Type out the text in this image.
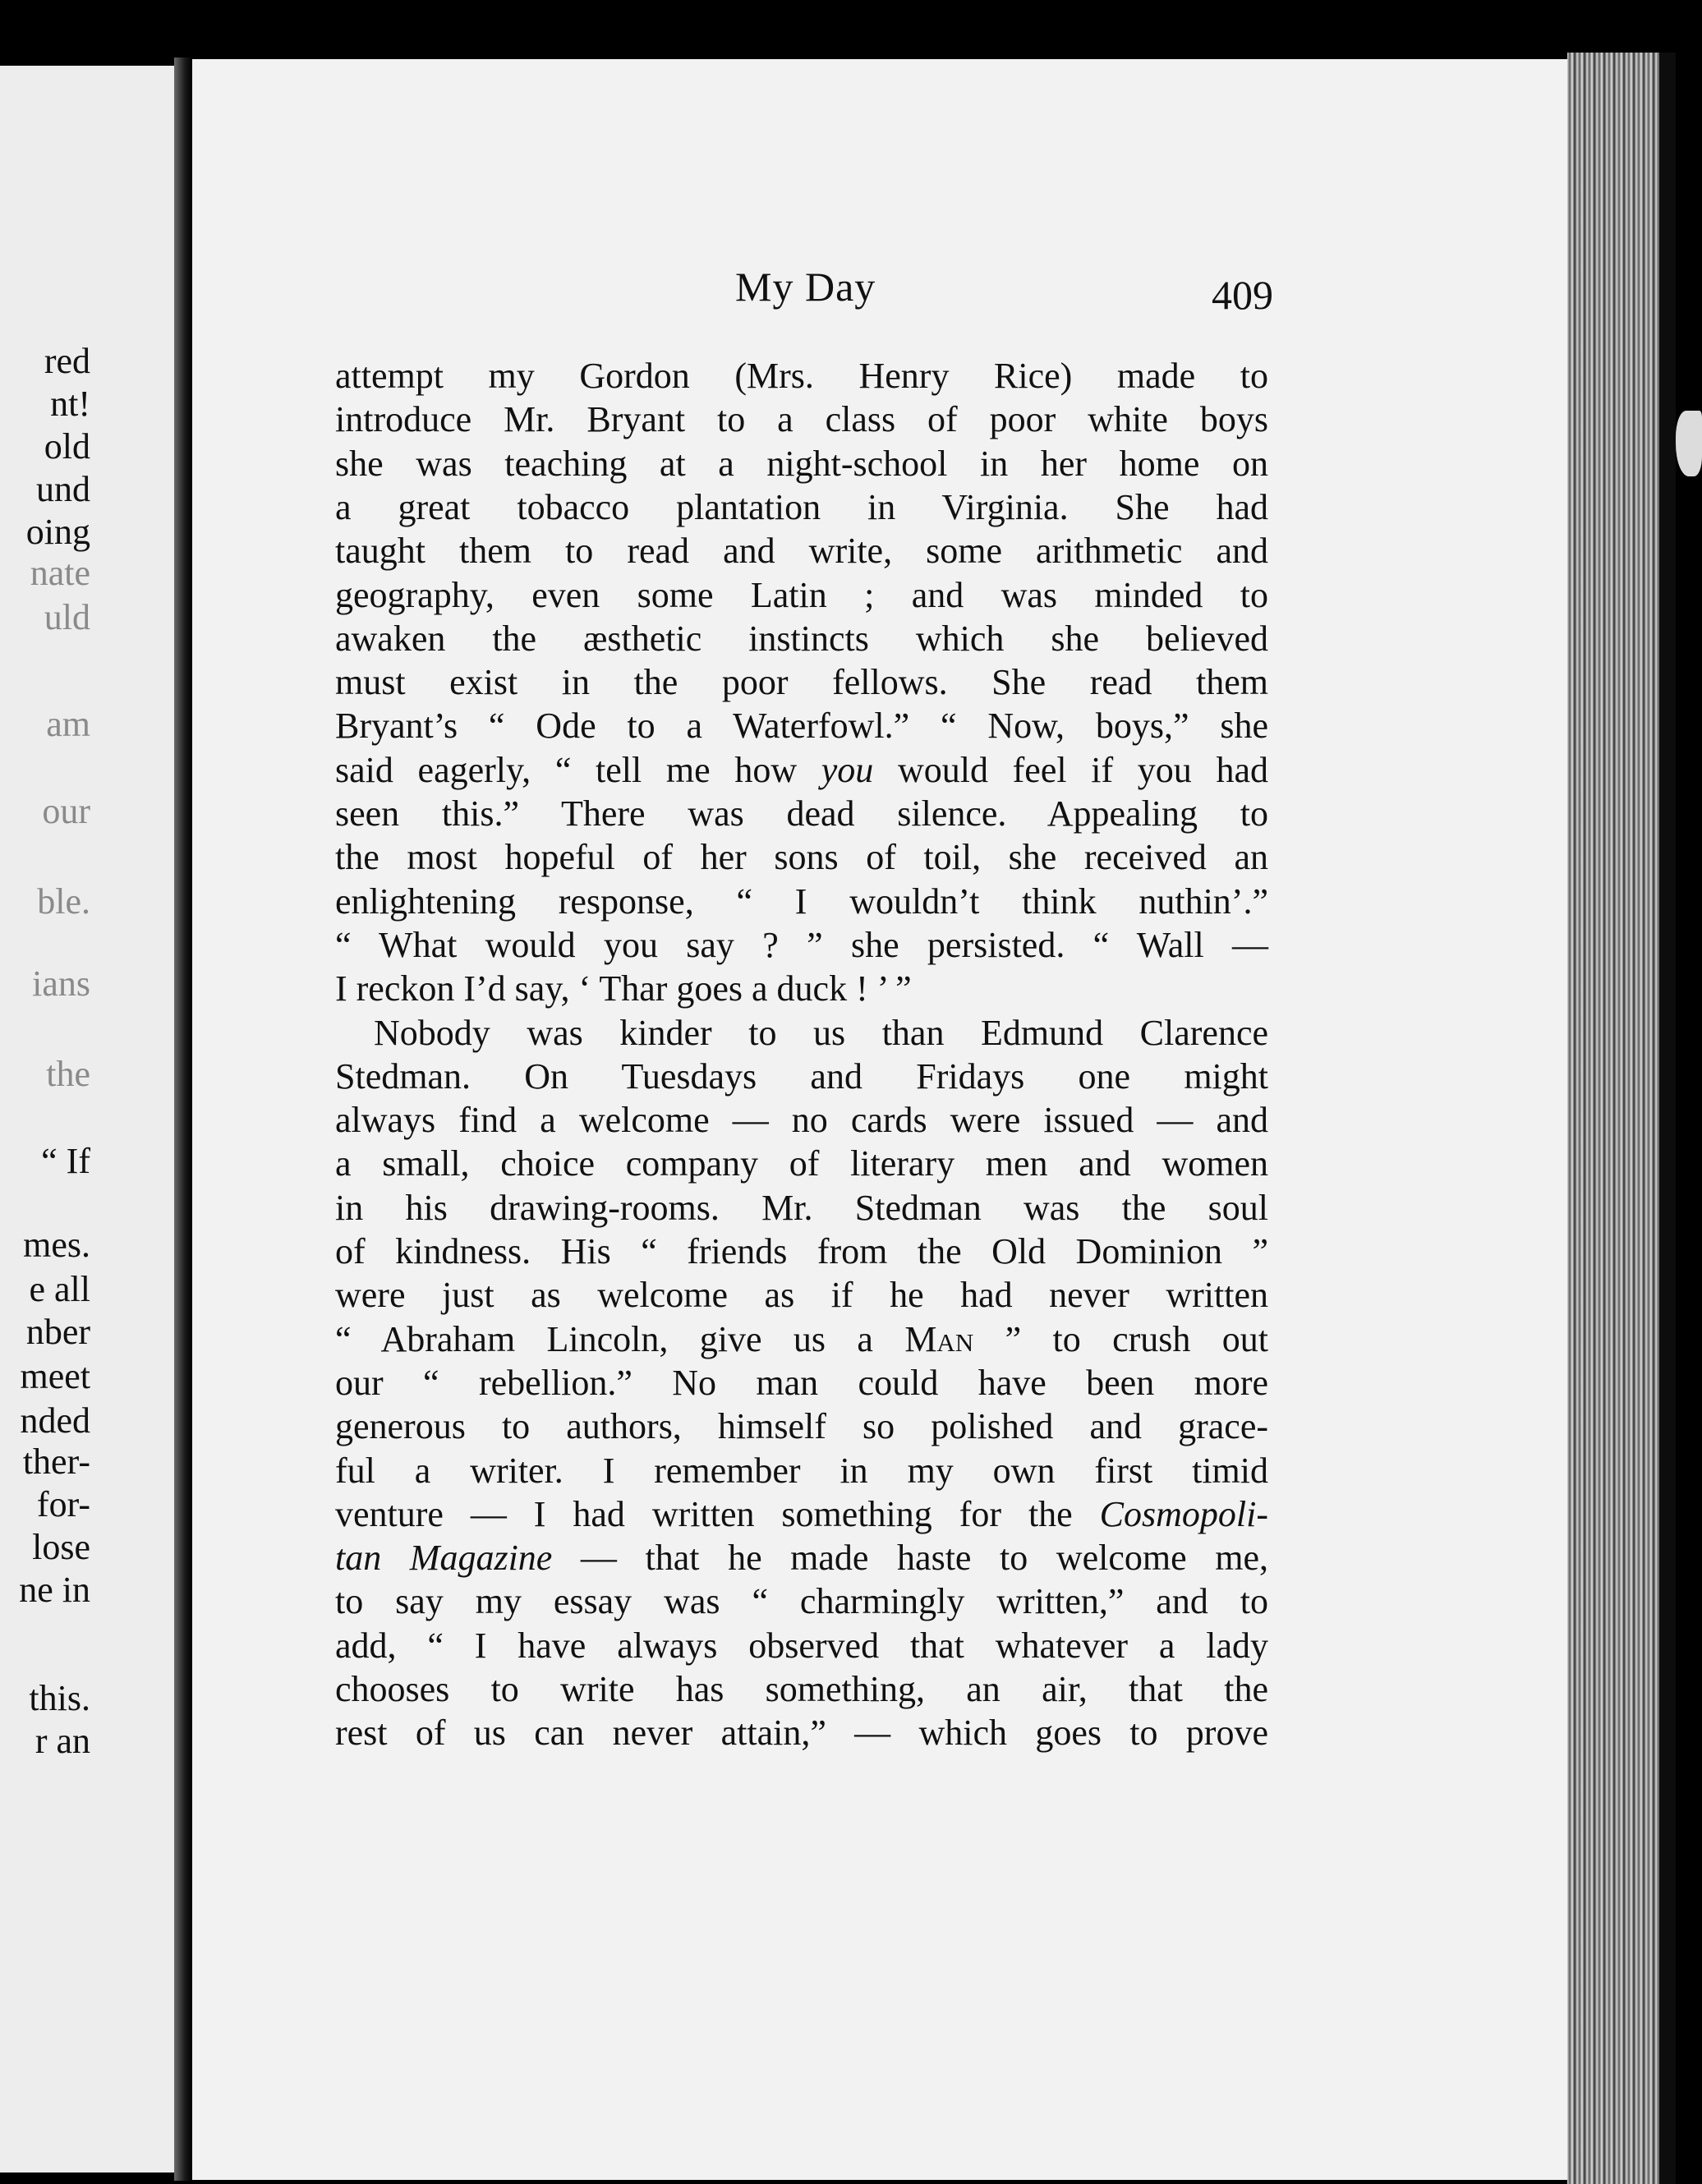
red
nt!
old
und
oing
nate
uld
am
our
ble.
ians
the
“ If
mes.
e all
nber
meet
nded
ther-
for-
lose
ne in
this.
r an
My Day	409
attempt my Gordon (Mrs. Henry Rice) made to
introduce Mr. Bryant to a class of poor white boys
she was teaching at a night-school in her home on
a great tobacco plantation in Virginia. She had
taught them to read and write, some arithmetic and
geography, even some Latin ; and was minded to
awaken the æsthetic instincts which she believed
must exist in the poor fellows. She read them
Bryant’s “ Ode to a Waterfowl.” “ Now, boys,” she
said eagerly, “ tell me how you would feel if you had
seen this.” There was dead silence. Appealing to
the most hopeful of her sons of toil, she received an
enlightening response, “ I wouldn’t think nuthin’.”
“ What would you say ? ” she persisted. “ Wall —
I reckon I’d say, ‘ Thar goes a duck ! ’ ”
Nobody was kinder to us than Edmund Clarence
Stedman. On Tuesdays and Fridays one might
always find a welcome — no cards were issued — and
a small, choice company of literary men and women
in his drawing-rooms. Mr. Stedman was the soul
of kindness. His “ friends from the Old Dominion ”
were just as welcome as if he had never written
“ Abraham Lincoln, give us a Man ” to crush out
our “ rebellion.” No man could have been more
generous to authors, himself so polished and grace-
ful a writer. I remember in my own first timid
venture — I had written something for the Cosmopoli-
tan Magazine — that he made haste to welcome me,
to say my essay was “ charmingly written,” and to
add, “ I have always observed that whatever a lady
chooses to write has something, an air, that the
rest of us can never attain,” — which goes to prove
